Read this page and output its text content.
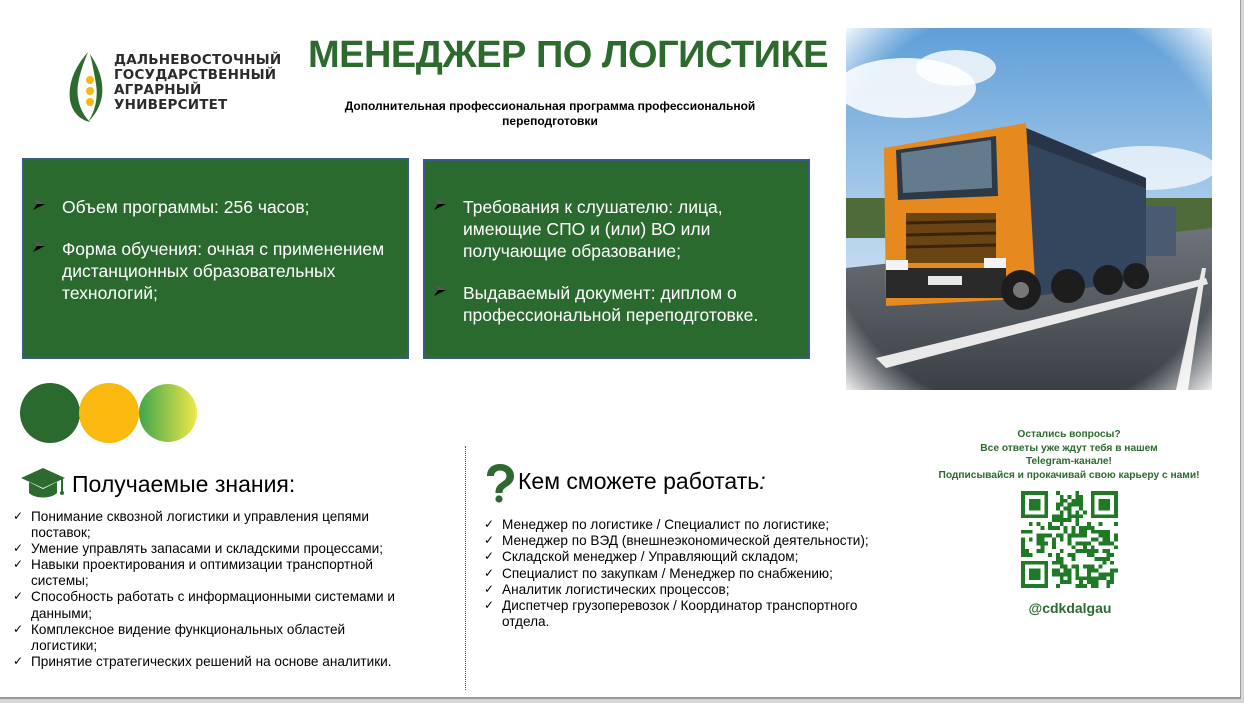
ДАЛЬНЕВОСТОЧНЫЙ
ГОСУДАРСТВЕННЫЙ
АГРАРНЫЙ
УНИВЕРСИТЕТ
МЕНЕДЖЕР ПО ЛОГИСТИКЕ
Дополнительная профессиональная программа профессиональной переподготовки
Объем программы: 256 часов;
Форма обучения: очная с применением дистанционных образовательных технологий;
Требования к слушателю: лица, имеющие СПО и (или) ВО или получающие образование;
Выдаваемый документ: диплом о профессиональной переподготовке.
Получаемые знания:
✓ Понимание сквозной логистики и управления цепями поставок;
✓ Умение управлять запасами и складскими процессами;
✓ Навыки проектирования и оптимизации транспортной системы;
✓ Способность работать с информационными системами и данными;
✓ Комплексное видение функциональных областей логистики;
✓ Принятие стратегических решений на основе аналитики.
Кем сможете работать:
✓ Менеджер по логистике / Специалист по логистике;
✓ Менеджер по ВЭД (внешнеэкономической деятельности);
✓ Складской менеджер / Управляющий складом;
✓ Специалист по закупкам / Менеджер по снабжению;
✓ Аналитик логистических процессов;
✓ Диспетчер грузоперевозок / Координатор транспортного отдела.
Остались вопросы?
Все ответы уже ждут тебя в нашем
Telegram-канале!
Подписывайся и прокачивай свою карьеру с нами!
@cdkdalgau
